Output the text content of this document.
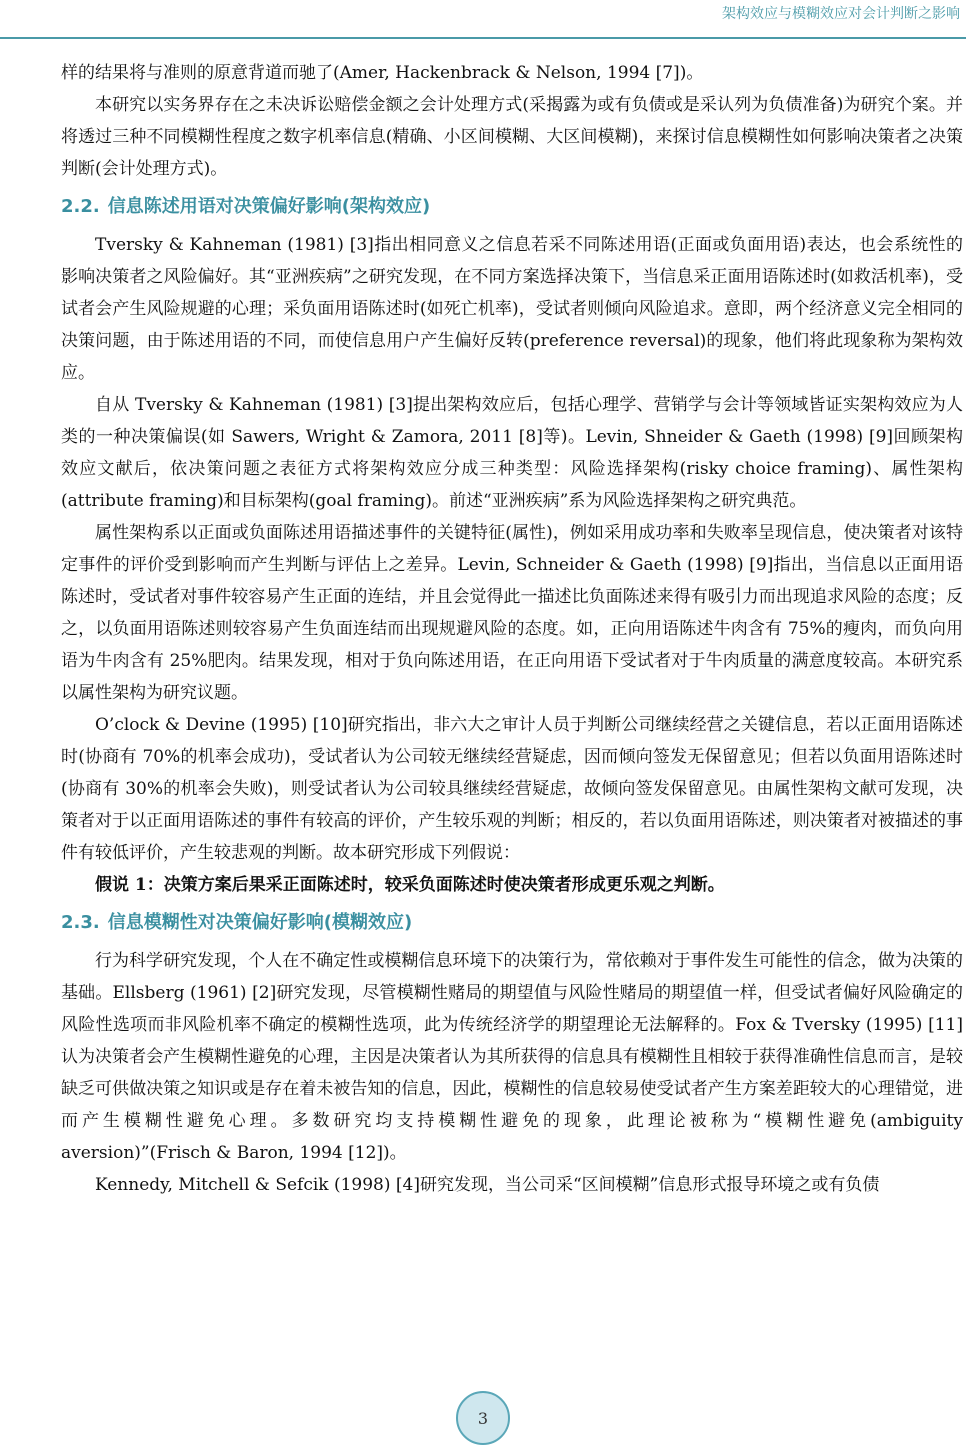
架构效应与模糊效应对会计判断之影响

样的结果将与准则的原意背道而驰了(Amer, Hackenbrack & Nelson, 1994 [7])。

本研究以实务界存在之未决诉讼赔偿金额之会计处理方式(采揭露为或有负债或是采认列为负债准备)为研究个案。并将透过三种不同模糊性程度之数字机率信息(精确、小区间模糊、大区间模糊)，来探讨信息模糊性如何影响决策者之决策判断(会计处理方式)。

2.2. 信息陈述用语对决策偏好影响(架构效应)

Tversky & Kahneman (1981) [3]指出相同意义之信息若采不同陈述用语(正面或负面用语)表达，也会系统性的影响决策者之风险偏好。其“亚洲疾病”之研究发现，在不同方案选择决策下，当信息采正面用语陈述时(如救活机率)，受试者会产生风险规避的心理；采负面用语陈述时(如死亡机率)，受试者则倾向风险追求。意即，两个经济意义完全相同的决策问题，由于陈述用语的不同，而使信息用户产生偏好反转(preference reversal)的现象，他们将此现象称为架构效应。

自从 Tversky & Kahneman (1981) [3]提出架构效应后，包括心理学、营销学与会计等领域皆证实架构效应为人类的一种决策偏误(如 Sawers, Wright & Zamora, 2011 [8]等)。Levin, Shneider & Gaeth (1998) [9]回顾架构效应文献后，依决策问题之表征方式将架构效应分成三种类型：风险选择架构(risky choice framing)、属性架构(attribute framing)和目标架构(goal framing)。前述“亚洲疾病”系为风险选择架构之研究典范。

属性架构系以正面或负面陈述用语描述事件的关键特征(属性)，例如采用成功率和失败率呈现信息，使决策者对该特定事件的评价受到影响而产生判断与评估上之差异。Levin, Schneider & Gaeth (1998) [9]指出，当信息以正面用语陈述时，受试者对事件较容易产生正面的连结，并且会觉得此一描述比负面陈述来得有吸引力而出现追求风险的态度；反之，以负面用语陈述则较容易产生负面连结而出现规避风险的态度。如，正向用语陈述牛肉含有 75%的瘦肉，而负向用语为牛肉含有 25%肥肉。结果发现，相对于负向陈述用语，在正向用语下受试者对于牛肉质量的满意度较高。本研究系以属性架构为研究议题。

O’clock & Devine (1995) [10]研究指出，非六大之审计人员于判断公司继续经营之关键信息，若以正面用语陈述时(协商有 70%的机率会成功)，受试者认为公司较无继续经营疑虑，因而倾向签发无保留意见；但若以负面用语陈述时(协商有 30%的机率会失败)，则受试者认为公司较具继续经营疑虑，故倾向签发保留意见。由属性架构文献可发现，决策者对于以正面用语陈述的事件有较高的评价，产生较乐观的判断；相反的，若以负面用语陈述，则决策者对被描述的事件有较低评价，产生较悲观的判断。故本研究形成下列假说：

假说 1：决策方案后果采正面陈述时，较采负面陈述时使决策者形成更乐观之判断。

2.3. 信息模糊性对决策偏好影响(模糊效应)

行为科学研究发现，个人在不确定性或模糊信息环境下的决策行为，常依赖对于事件发生可能性的信念，做为决策的基础。Ellsberg (1961) [2]研究发现，尽管模糊性赌局的期望值与风险性赌局的期望值一样，但受试者偏好风险确定的风险性选项而非风险机率不确定的模糊性选项，此为传统经济学的期望理论无法解释的。Fox & Tversky (1995) [11]认为决策者会产生模糊性避免的心理，主因是决策者认为其所获得的信息具有模糊性且相较于获得准确性信息而言，是较缺乏可供做决策之知识或是存在着未被告知的信息，因此，模糊性的信息较易使受试者产生方案差距较大的心理错觉，进而产生模糊性避免心理。多数研究均支持模糊性避免的现象，此理论被称为“模糊性避免(ambiguity aversion)”(Frisch & Baron, 1994 [12])。

Kennedy, Mitchell & Sefcik (1998) [4]研究发现，当公司采“区间模糊”信息形式报导环境之或有负债

3
